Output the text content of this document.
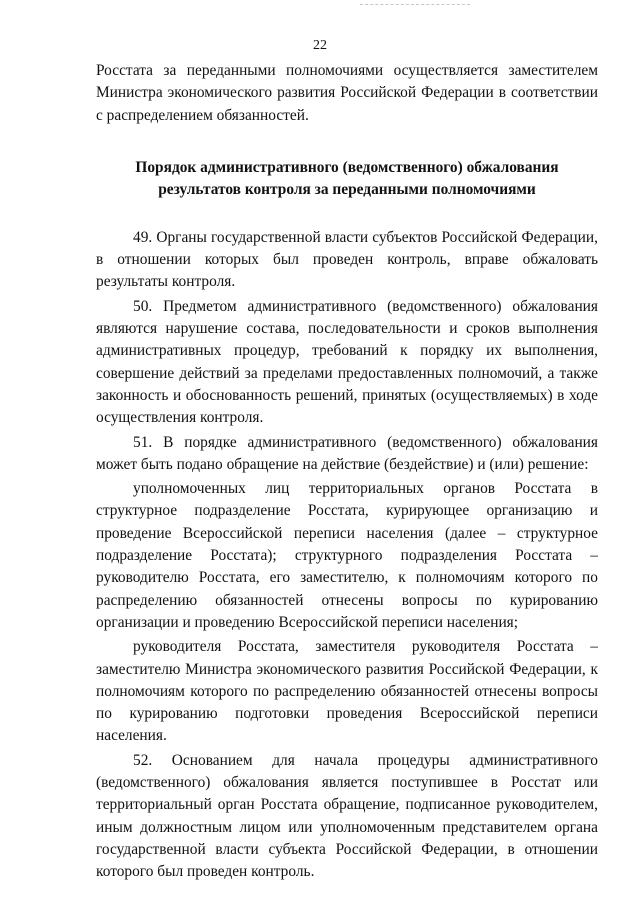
22

Росстата за переданными полномочиями осуществляется заместителем Министра экономического развития Российской Федерации в соответствии с распределением обязанностей.

Порядок административного (ведомственного) обжалования
результатов контроля за переданными полномочиями

49. Органы государственной власти субъектов Российской Федерации, в отношении которых был проведен контроль, вправе обжаловать результаты контроля.

50. Предметом административного (ведомственного) обжалования являются нарушение состава, последовательности и сроков выполнения административных процедур, требований к порядку их выполнения, совершение действий за пределами предоставленных полномочий, а также законность и обоснованность решений, принятых (осуществляемых) в ходе осуществления контроля.

51. В порядке административного (ведомственного) обжалования может быть подано обращение на действие (бездействие) и (или) решение:

уполномоченных лиц территориальных органов Росстата в структурное подразделение Росстата, курирующее организацию и проведение Всероссийской переписи населения (далее – структурное подразделение Росстата); структурного подразделения Росстата – руководителю Росстата, его заместителю, к полномочиям которого по распределению обязанностей отнесены вопросы по курированию организации и проведению Всероссийской переписи населения;

руководителя Росстата, заместителя руководителя Росстата – заместителю Министра экономического развития Российской Федерации, к полномочиям которого по распределению обязанностей отнесены вопросы по курированию подготовки проведения Всероссийской переписи населения.

52. Основанием для начала процедуры административного (ведомственного) обжалования является поступившее в Росстат или территориальный орган Росстата обращение, подписанное руководителем, иным должностным лицом или уполномоченным представителем органа государственной власти субъекта Российской Федерации, в отношении которого был проведен контроль.
